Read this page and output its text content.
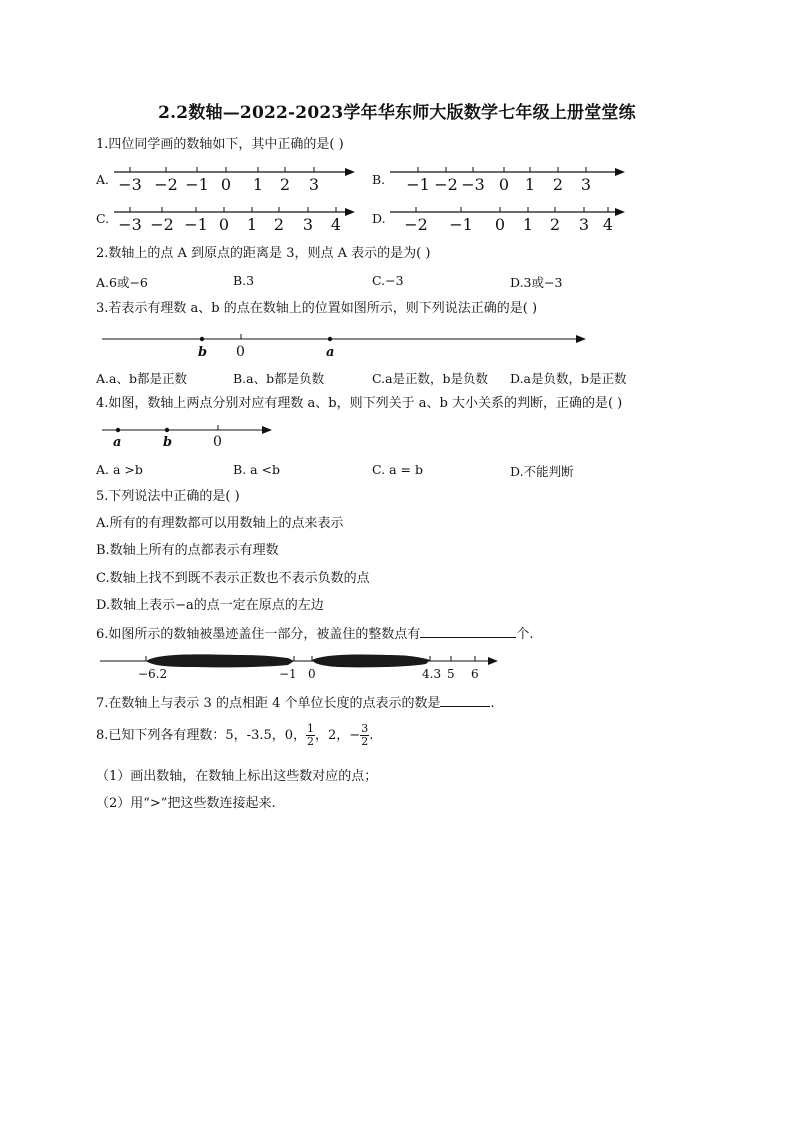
2.2数轴—2022-2023学年华东师大版数学七年级上册堂堂练
1.四位同学画的数轴如下，其中正确的是( )
A. −3 −2 −1 0 1 2 3	B. −1 −2 −3 0 1 2 3
C. −3 −2 −1 0 1 2 3 4 D. −2 −1 0 1 2 3 4
2.数轴上的点 A 到原点的距离是 3，则点 A 表示的是为( )
A.6或−6	B.3	C.−3	D.3或−3
3.若表示有理数 a、b 的点在数轴上的位置如图所示，则下列说法正确的是( )
b 0	a
A.a、b都是正数	B.a、b都是负数	C.a是正数，b是负数 D.a是负数，b是正数
4.如图，数轴上两点分别对应有理数 a、b，则下列关于 a、b 大小关系的判断，正确的是( )
a	b	0
A. a >b	B. a <b	C. a = b	D.不能判断
5.下列说法中正确的是( )
A.所有的有理数都可以用数轴上的点来表示
B.数轴上所有的点都表示有理数
C.数轴上找不到既不表示正数也不表示负数的点
D.数轴上表示−a的点一定在原点的左边
6.如图所示的数轴被墨迹盖住一部分，被盖住的整数点有	个.
−6.2	−1 0	4.3 5 6
7.在数轴上与表示 3 的点相距 4 个单位长度的点表示的数是	.
8.已知下列各有理数：5，-3.5，0， $\frac{1}{2}$ ，2，− $\frac{3}{2}$ .
（1）画出数轴，在数轴上标出这些数对应的点；
（2）用“>”把这些数连接起来.
